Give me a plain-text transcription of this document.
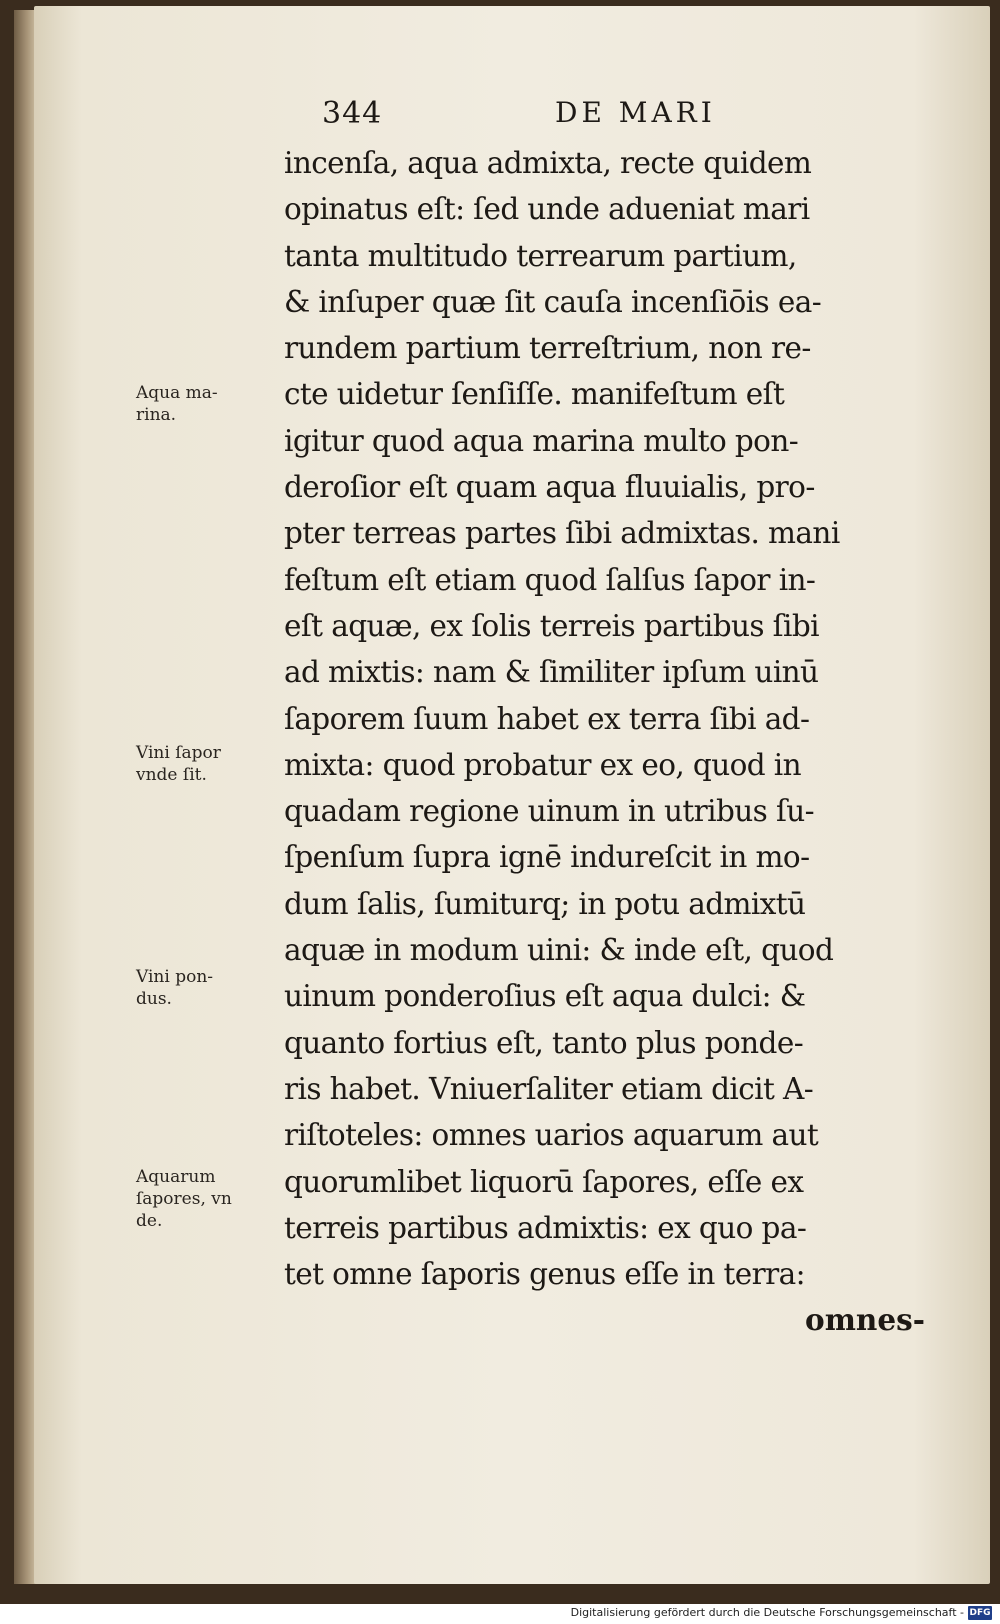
344	DE MARI
incenſa, aqua admixta, recte quidem
opinatus eſt: ſed unde adueniat mari
tanta multitudo terrearum partium,
& inſuper quæ ſit cauſa incenſiōis ea-
rundem partium terreſtrium, non re-
cte uidetur ſenſiſſe. manifeſtum eſt
igitur quod aqua marina multo pon-
deroſior eſt quam aqua fluuialis, pro-
pter terreas partes ſibi admixtas. mani
feſtum eſt etiam quod ſalſus ſapor in-
eſt aquæ, ex ſolis terreis partibus ſibi
ad mixtis: nam & ſimiliter ipſum uinū
ſaporem ſuum habet ex terra ſibi ad-
mixta: quod probatur ex eo, quod in
quadam regione uinum in utribus ſu-
ſpenſum ſupra ignē indureſcit in mo-
dum ſalis, ſumiturq; in potu admixtū
aquæ in modum uini: & inde eſt, quod
uinum ponderoſius eſt aqua dulci: &
quanto fortius eſt, tanto plus ponde-
ris habet. Vniuerſaliter etiam dicit A-
riſtoteles: omnes uarios aquarum aut
quorumlibet liquorū ſapores, eſſe ex
terreis partibus admixtis: ex quo pa-
tet omne ſaporis genus eſſe in terra:
omnes-
Aqua ma-
rina.
Vini ſapor
vnde ſit.
Vini pon-
dus.
Aquarum
ſapores, vn
de.
Digitalisierung gefördert durch die Deutsche Forschungsgemeinschaft - DFG
